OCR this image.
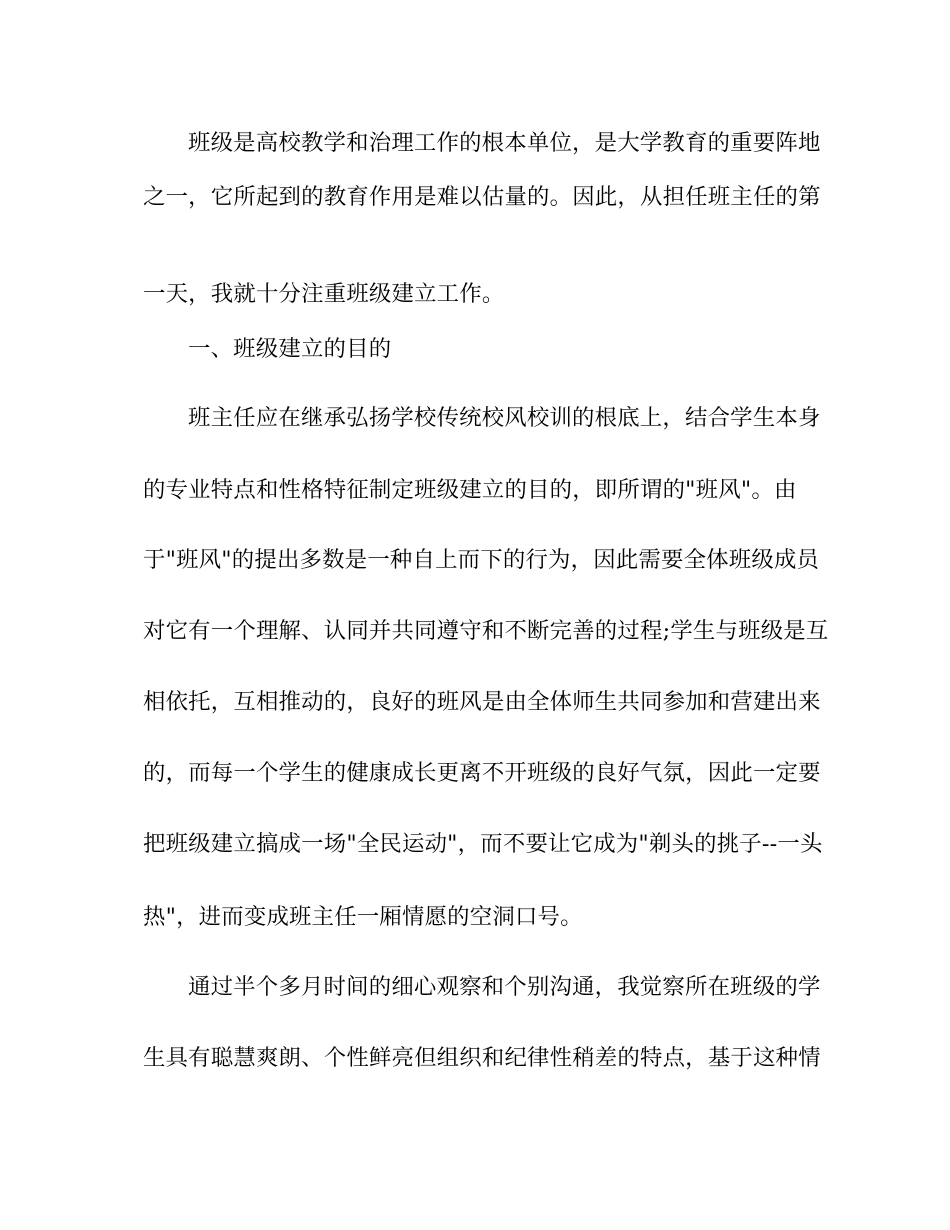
班级是高校教学和治理工作的根本单位，是大学教育的重要阵地
之一，它所起到的教育作用是难以估量的。因此，从担任班主任的第
一天，我就十分注重班级建立工作。
一、班级建立的目的
班主任应在继承弘扬学校传统校风校训的根底上，结合学生本身
的专业特点和性格特征制定班级建立的目的，即所谓的"班风"。由
于"班风"的提出多数是一种自上而下的行为，因此需要全体班级成员
对它有一个理解、认同并共同遵守和不断完善的过程;学生与班级是互
相依托，互相推动的，良好的班风是由全体师生共同参加和营建出来
的，而每一个学生的健康成长更离不开班级的良好气氛，因此一定要
把班级建立搞成一场"全民运动"，而不要让它成为"剃头的挑子--一头
热"，进而变成班主任一厢情愿的空洞口号。
通过半个多月时间的细心观察和个别沟通，我觉察所在班级的学
生具有聪慧爽朗、个性鲜亮但组织和纪律性稍差的特点，基于这种情
